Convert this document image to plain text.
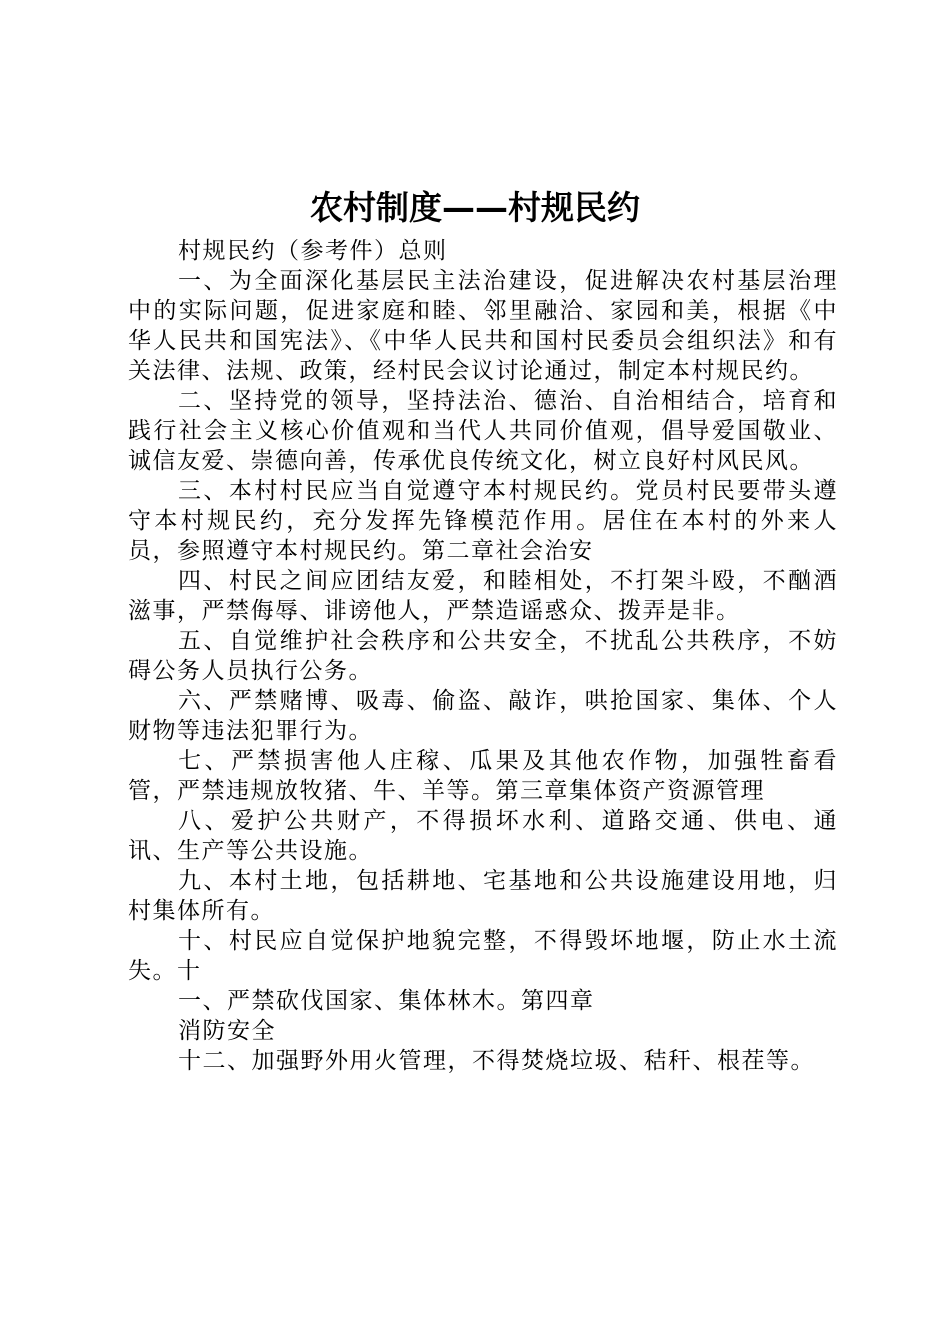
农村制度——村规民约

村规民约（参考件）总则

一、为全面深化基层民主法治建设，促进解决农村基层治理中的实际问题，促进家庭和睦、邻里融洽、家园和美，根据《中华人民共和国宪法》、《中华人民共和国村民委员会组织法》和有关法律、法规、政策，经村民会议讨论通过，制定本村规民约。

二、坚持党的领导，坚持法治、德治、自治相结合，培育和践行社会主义核心价值观和当代人共同价值观，倡导爱国敬业、诚信友爱、崇德向善，传承优良传统文化，树立良好村风民风。

三、本村村民应当自觉遵守本村规民约。党员村民要带头遵守本村规民约，充分发挥先锋模范作用。居住在本村的外来人员，参照遵守本村规民约。第二章社会治安

四、村民之间应团结友爱，和睦相处，不打架斗殴，不酗酒滋事，严禁侮辱、诽谤他人，严禁造谣惑众、拨弄是非。

五、自觉维护社会秩序和公共安全，不扰乱公共秩序，不妨碍公务人员执行公务。

六、严禁赌博、吸毒、偷盗、敲诈，哄抢国家、集体、个人财物等违法犯罪行为。

七、严禁损害他人庄稼、瓜果及其他农作物，加强牲畜看管，严禁违规放牧猪、牛、羊等。第三章集体资产资源管理

八、爱护公共财产，不得损坏水利、道路交通、供电、通讯、生产等公共设施。

九、本村土地，包括耕地、宅基地和公共设施建设用地，归村集体所有。

十、村民应自觉保护地貌完整，不得毁坏地堰，防止水土流失。十

一、严禁砍伐国家、集体林木。第四章

消防安全

十二、加强野外用火管理，不得焚烧垃圾、秸秆、根茬等。
